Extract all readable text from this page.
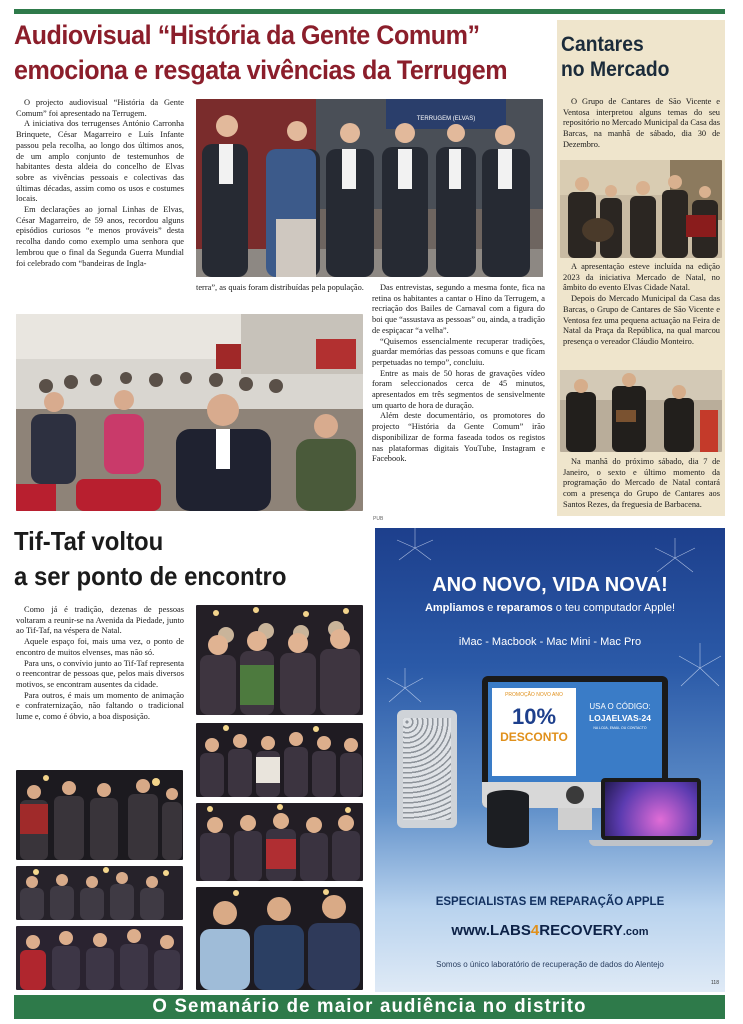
Audiovisual “História da Gente Comum”
emociona e resgata vivências da Terrugem

O projecto audiovisual “História da Gente Comum” foi apresentado na Terrugem.

A iniciativa dos terrugenses António Carronha Brinquete, César Magarreiro e Luís Infante passou pela recolha, ao longo dos últimos anos, de um amplo conjunto de testemunhos de habitantes desta aldeia do concelho de Elvas sobre as vivências pessoais e colectivas das últimas décadas, assim como os usos e costumes locais.

Em declarações ao jornal Linhas de Elvas, César Magarreiro, de 59 anos, recordou alguns episódios curiosos “e menos prováveis” desta recolha dando como exemplo uma senhora que lembrou que o final da Segunda Guerra Mundial foi celebrado com “bandeiras de Ingla-

TERRUGEM (ELVAS)

terra”, as quais foram distribuídas pela população.	Das entrevistas, segundo a mesma fonte, fica na retina os habitantes a cantar o Hino da Terrugem, a recriação dos Bailes de Carnaval com a figura do boi que “assustava as pessoas” ou, ainda, a tradição de espiçacar “a velha”.

“Quisemos essencialmente recuperar tradições, guardar memórias das pessoas comuns e que ficam perpetuadas no tempo”, concluiu.

Entre as mais de 50 horas de gravações vídeo foram seleccionados cerca de 45 minutos, apresentados em três segmentos de sensivelmente um quarto de hora de duração.

Além deste documentário, os promotores do projecto “História da Gente Comum” irão disponibilizar de forma faseada todos os registos nas plataformas digitais YouTube, Instagram e Facebook.

Cantares
no Mercado

O Grupo de Cantares de São Vicente e Ventosa interpretou alguns temas do seu repositório no Mercado Municipal da Casa das Barcas, na manhã de sábado, dia 30 de Dezembro.

A apresentação esteve incluída na edição 2023 da iniciativa Mercado de Natal, no âmbito do evento Elvas Cidade Natal.

Depois do Mercado Municipal da Casa das Barcas, o Grupo de Cantares de São Vicente e Ventosa fez uma pequena actuação na Feira de Natal da Praça da República, na qual marcou presença o vereador Cláudio Monteiro.

Na manhã do próximo sábado, dia 7 de Janeiro, o sexto e último momento da programação do Mercado de Natal contará com a presença do Grupo de Cantares aos Santos Rezes, da freguesia de Barbacena.

PUB
Tif-Taf voltou
a ser ponto de encontro

Como já é tradição, dezenas de pessoas voltaram a reunir-se na Avenida da Piedade, junto ao Tif-Taf, na véspera de Natal.

Aquele espaço foi, mais uma vez, o ponto de encontro de muitos elvenses, mas não só.

Para uns, o convívio junto ao Tif-Taf representa o reencontrar de pessoas que, pelos mais diversos motivos, se encontram ausentes da cidade.

Para outros, é mais um momento de animação e confraternização, não faltando o tradicional lume e, como é óbvio, a boa disposição.

ANO NOVO, VIDA NOVA!
Ampliamos e reparamos o teu computador Apple!
iMac - Macbook - Mac Mini - Mac Pro
PROMOÇÃO NOVO ANO
10%
DESCONTO
USA O CÓDIGO:
LOJAELVAS-24
NA LOJA, EMAIL OU CONTACTO
ESPECIALISTAS EM REPARAÇÃO APPLE
www.LABS4RECOVERY.com
Somos o único laboratório de recuperação de dados do Alentejo
118
O Semanário de maior audiência no distrito
